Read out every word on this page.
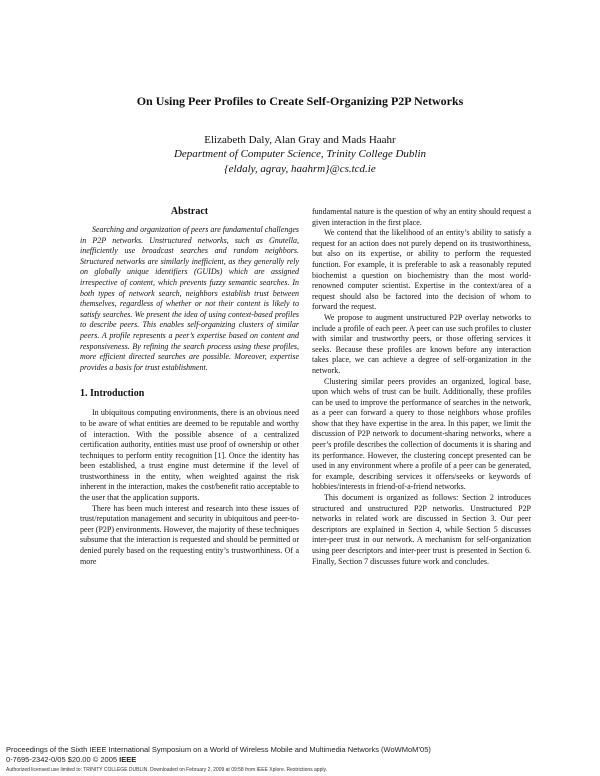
On Using Peer Profiles to Create Self-Organizing P2P Networks
Elizabeth Daly, Alan Gray and Mads Haahr
Department of Computer Science, Trinity College Dublin
{eldaly, agray, haahrm}@cs.tcd.ie
Abstract

Searching and organization of peers are fundamental challenges in P2P networks. Unstructured networks, such as Gnutella, inefficiently use broadcast searches and random neighbors. Structured networks are similarly inefficient, as they generally rely on globally unique identifiers (GUIDs) which are assigned irrespective of content, which prevents fuzzy semantic searches. In both types of network search, neighbors establish trust between themselves, regardless of whether or not their content is likely to satisfy searches. We present the idea of using context-based profiles to describe peers. This enables self-organizing clusters of similar peers. A profile represents a peer’s expertise based on content and responsiveness. By refining the search process using these profiles, more efficient directed searches are possible. Moreover, expertise provides a basis for trust establishment.

1. Introduction

In ubiquitous computing environments, there is an obvious need to be aware of what entities are deemed to be reputable and worthy of interaction. With the possible absence of a centralized certification authority, entities must use proof of ownership or other techniques to perform entity recognition [1]. Once the identity has been established, a trust engine must determine if the level of trustworthiness in the entity, when weighted against the risk inherent in the interaction, makes the cost/benefit ratio acceptable to the user that the application supports.

There has been much interest and research into these issues of trust/reputation management and security in ubiquitous and peer-to-peer (P2P) environments. However, the majority of these techniques subsume that the interaction is requested and should be permitted or denied purely based on the requesting entity’s trustworthiness. Of a more

fundamental nature is the question of why an entity should request a given interaction in the first place.

We contend that the likelihood of an entity’s ability to satisfy a request for an action does not purely depend on its trustworthiness, but also on its expertise, or ability to perform the requested function. For example, it is preferable to ask a reasonably reputed biochemist a question on biochemistry than the most world-renowned computer scientist. Expertise in the context/area of a request should also be factored into the decision of whom to forward the request.

We propose to augment unstructured P2P overlay networks to include a profile of each peer. A peer can use such profiles to cluster with similar and trustworthy peers, or those offering services it seeks. Because these profiles are known before any interaction takes place, we can achieve a degree of self-organization in the network.

Clustering similar peers provides an organized, logical base, upon which webs of trust can be built. Additionally, these profiles can be used to improve the performance of searches in the network, as a peer can forward a query to those neighbors whose profiles show that they have expertise in the area. In this paper, we limit the discussion of P2P network to document-sharing networks, where a peer’s profile describes the collection of documents it is sharing and its performance. However, the clustering concept presented can be used in any environment where a profile of a peer can be generated, for example, describing services it offers/seeks or keywords of hobbies/interests in friend-of-a-friend networks.

This document is organized as follows: Section 2 introduces structured and unstructured P2P networks. Unstructured P2P networks in related work are discussed in Section 3. Our peer descriptors are explained in Section 4, while Section 5 discusses inter-peer trust in our network. A mechanism for self-organization using peer descriptors and inter-peer trust is presented in Section 6. Finally, Section 7 discusses future work and concludes.

Proceedings of the Sixth IEEE International Symposium on a World of Wireless Mobile and Multimedia Networks (WoWMoM’05)
0-7695-2342-0/05 $20.00 © 2005 IEEE
Authorized licensed use limited to: TRINITY COLLEGE DUBLIN. Downloaded on February 2, 2009 at 09:58 from IEEE Xplore. Restrictions apply.
